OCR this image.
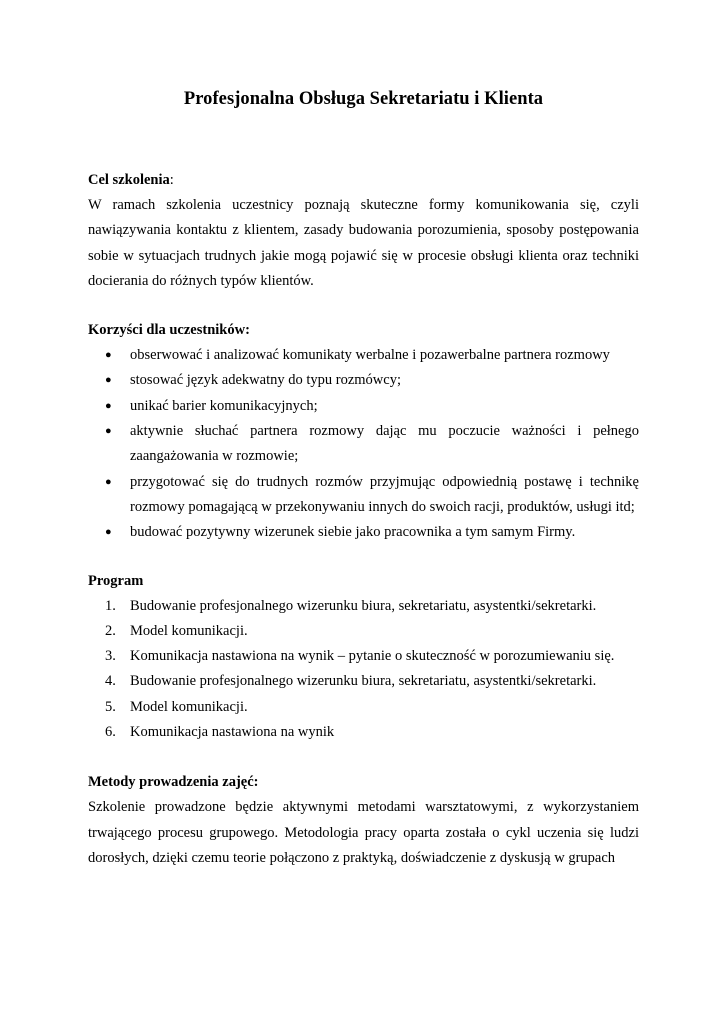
Profesjonalna Obsługa Sekretariatu i Klienta
Cel szkolenia:

W ramach szkolenia uczestnicy poznają skuteczne formy komunikowania się, czyli nawiązywania kontaktu z klientem, zasady budowania porozumienia, sposoby postępowania sobie w sytuacjach trudnych jakie mogą pojawić się w procesie obsługi klienta oraz techniki docierania do różnych typów klientów.

Korzyści dla uczestników:
● obserwować i analizować komunikaty werbalne i pozawerbalne partnera rozmowy
● stosować język adekwatny do typu rozmówcy;
● unikać barier komunikacyjnych;
● aktywnie słuchać partnera rozmowy dając mu poczucie ważności i pełnego zaangażowania w rozmowie;
● przygotować się do trudnych rozmów przyjmując odpowiednią postawę i technikę rozmowy pomagającą w przekonywaniu innych do swoich racji, produktów, usługi itd;
● budować pozytywny wizerunek siebie jako pracownika a tym samym Firmy.
Program
1. Budowanie profesjonalnego wizerunku biura, sekretariatu, asystentki/sekretarki.
2. Model komunikacji.
3. Komunikacja nastawiona na wynik – pytanie o skuteczność w porozumiewaniu się.
4. Budowanie profesjonalnego wizerunku biura, sekretariatu, asystentki/sekretarki.
5. Model komunikacji.
6. Komunikacja nastawiona na wynik
Metody prowadzenia zajęć:

Szkolenie prowadzone będzie aktywnymi metodami warsztatowymi, z wykorzystaniem trwającego procesu grupowego. Metodologia pracy oparta została o cykl uczenia się ludzi dorosłych, dzięki czemu teorie połączono z praktyką, doświadczenie z dyskusją w grupach
